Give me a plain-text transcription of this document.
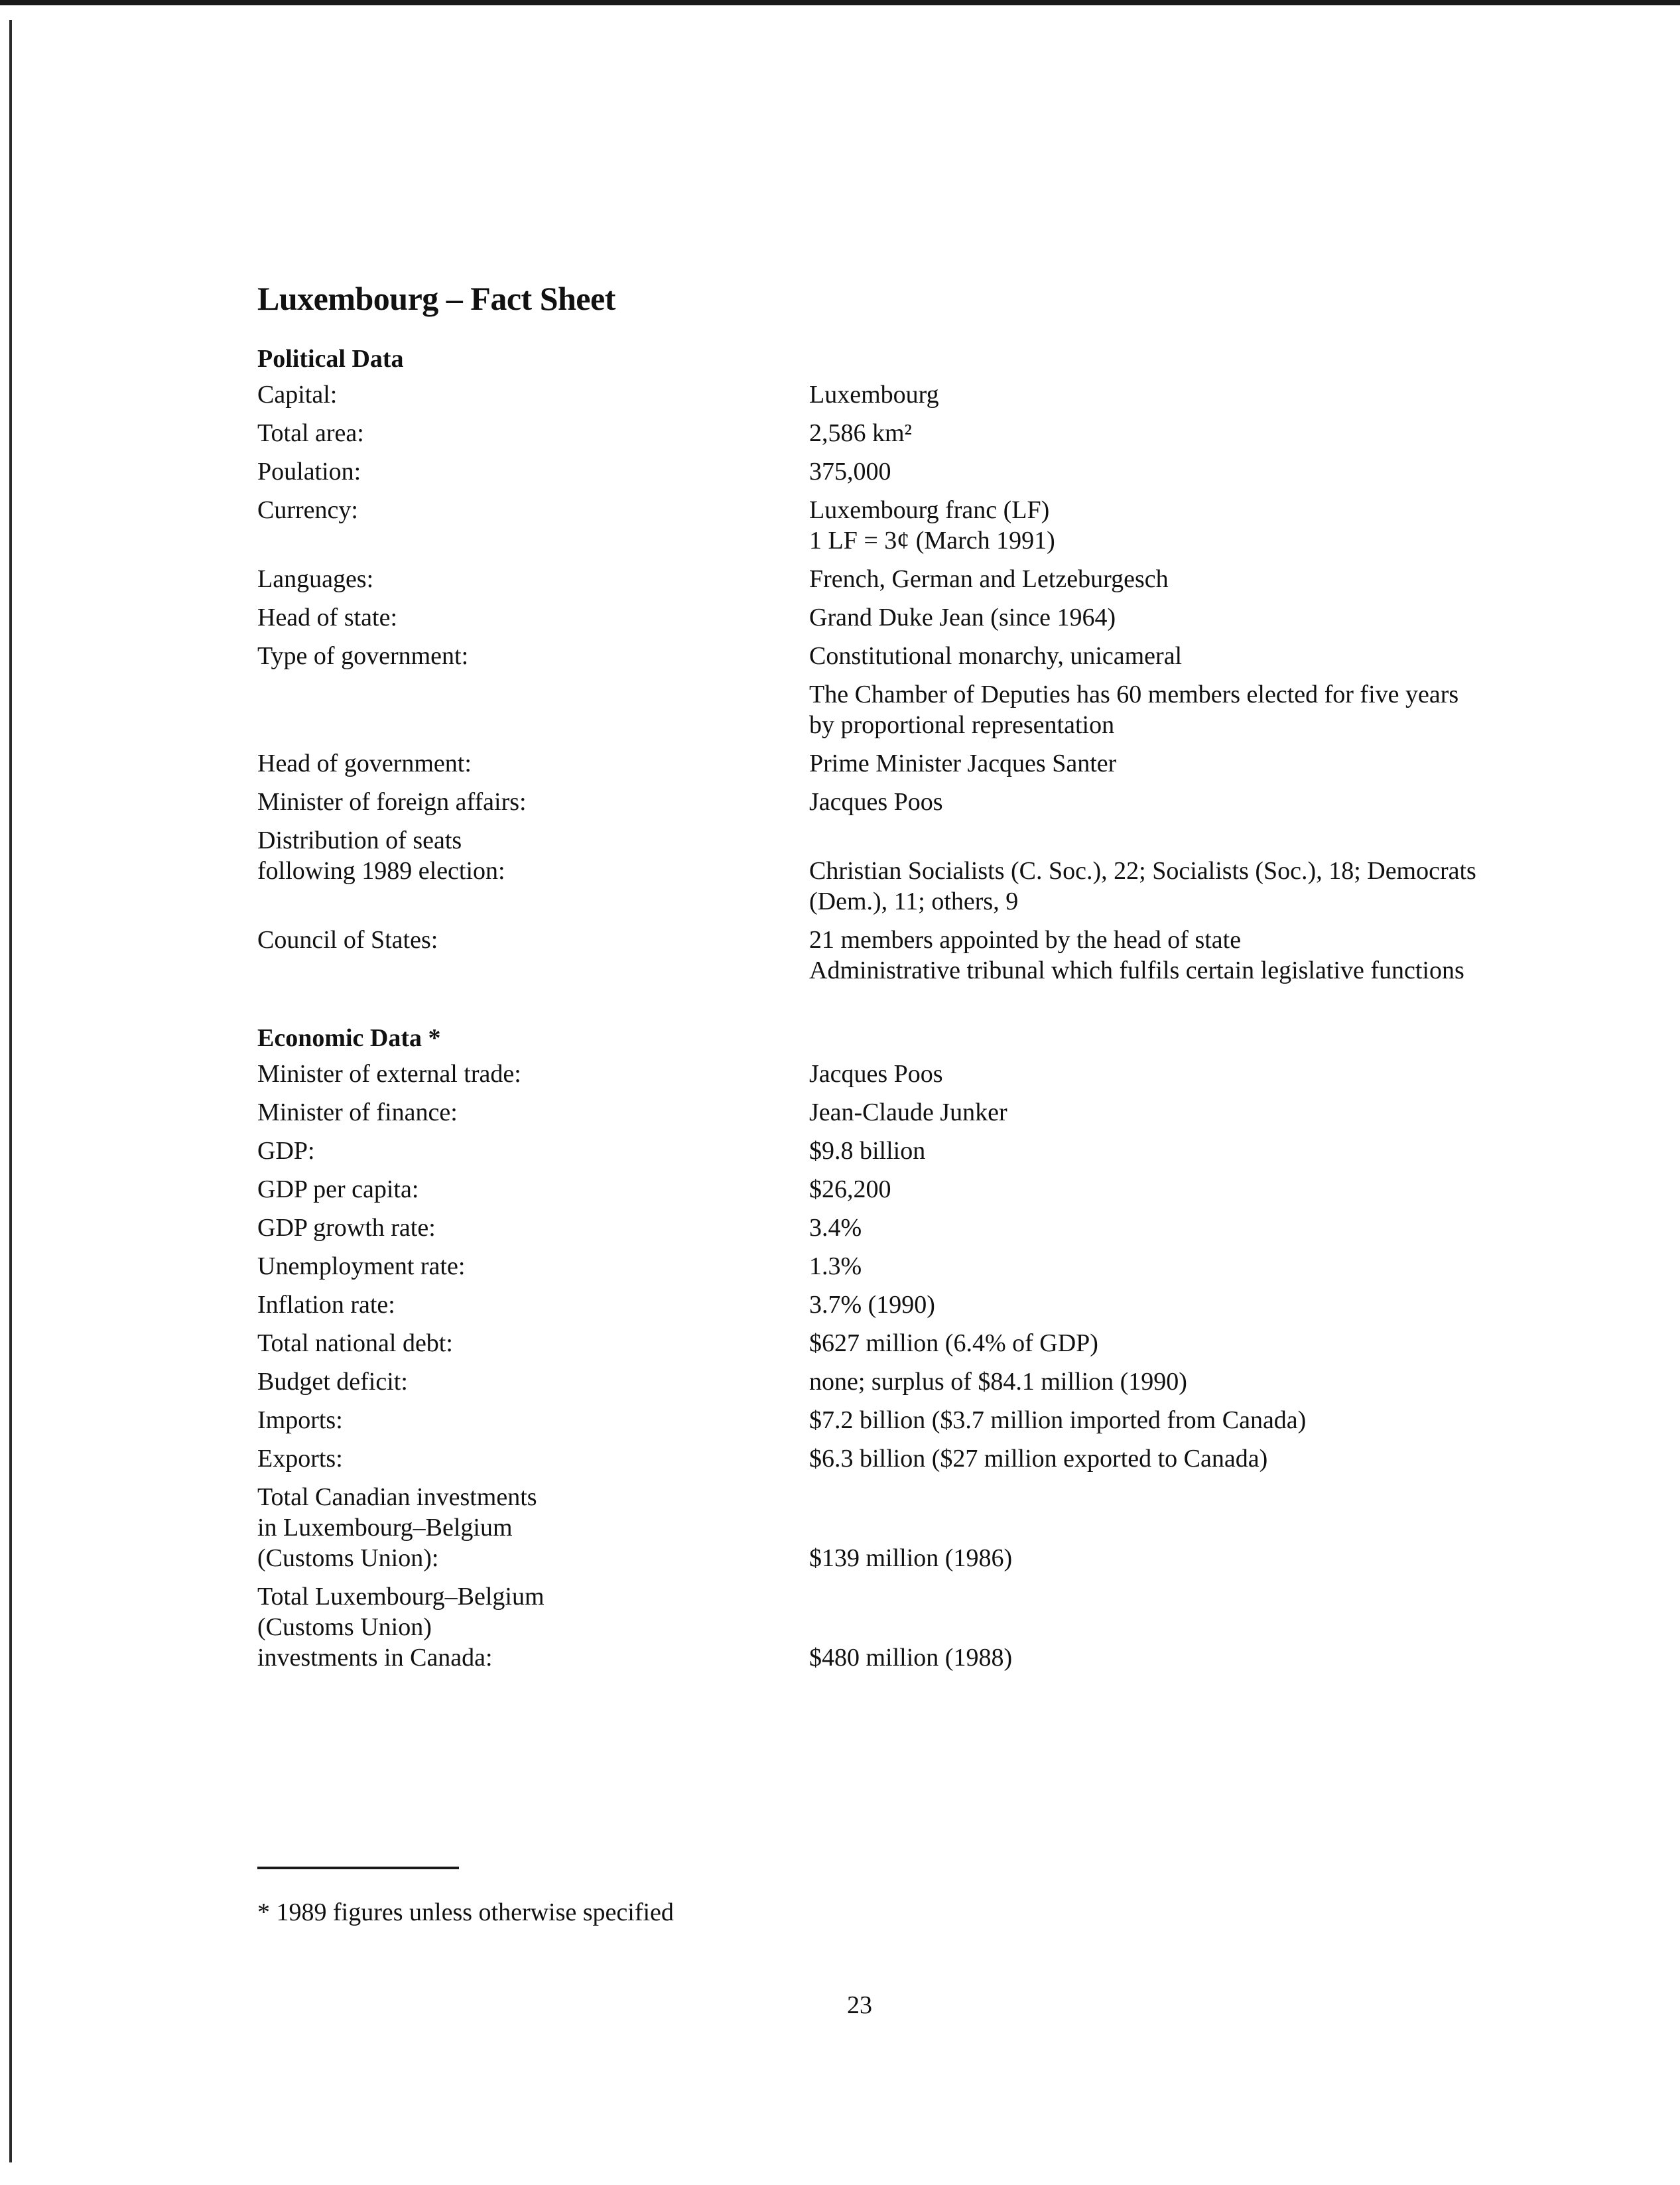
Luxembourg – Fact Sheet
Political Data
Capital:	Luxembourg
Total area:	2,586 km²
Poulation:	375,000
Currency:	Luxembourg franc (LF)
1 LF = 3¢ (March 1991)
Languages:	French, German and Letzeburgesch
Head of state:	Grand Duke Jean (since 1964)
Type of government:	Constitutional monarchy, unicameral
The Chamber of Deputies has 60 members elected for five years by proportional representation
Head of government:	Prime Minister Jacques Santer
Minister of foreign affairs:	Jacques Poos
Distribution of seats
following 1989 election:	Christian Socialists (C. Soc.), 22; Socialists (Soc.), 18; Democrats (Dem.), 11; others, 9
Council of States:	21 members appointed by the head of state
Administrative tribunal which fulfils certain legislative functions
Economic Data *
Minister of external trade:	Jacques Poos
Minister of finance:	Jean-Claude Junker
GDP:	$9.8 billion
GDP per capita:	$26,200
GDP growth rate:	3.4%
Unemployment rate:	1.3%
Inflation rate:	3.7% (1990)
Total national debt:	$627 million (6.4% of GDP)
Budget deficit:	none; surplus of $84.1 million (1990)
Imports:	$7.2 billion ($3.7 million imported from Canada)
Exports:	$6.3 billion ($27 million exported to Canada)
Total Canadian investments
in Luxembourg–Belgium
(Customs Union):	$139 million (1986)
Total Luxembourg–Belgium
(Customs Union)
investments in Canada:	$480 million (1988)
* 1989 figures unless otherwise specified
23
